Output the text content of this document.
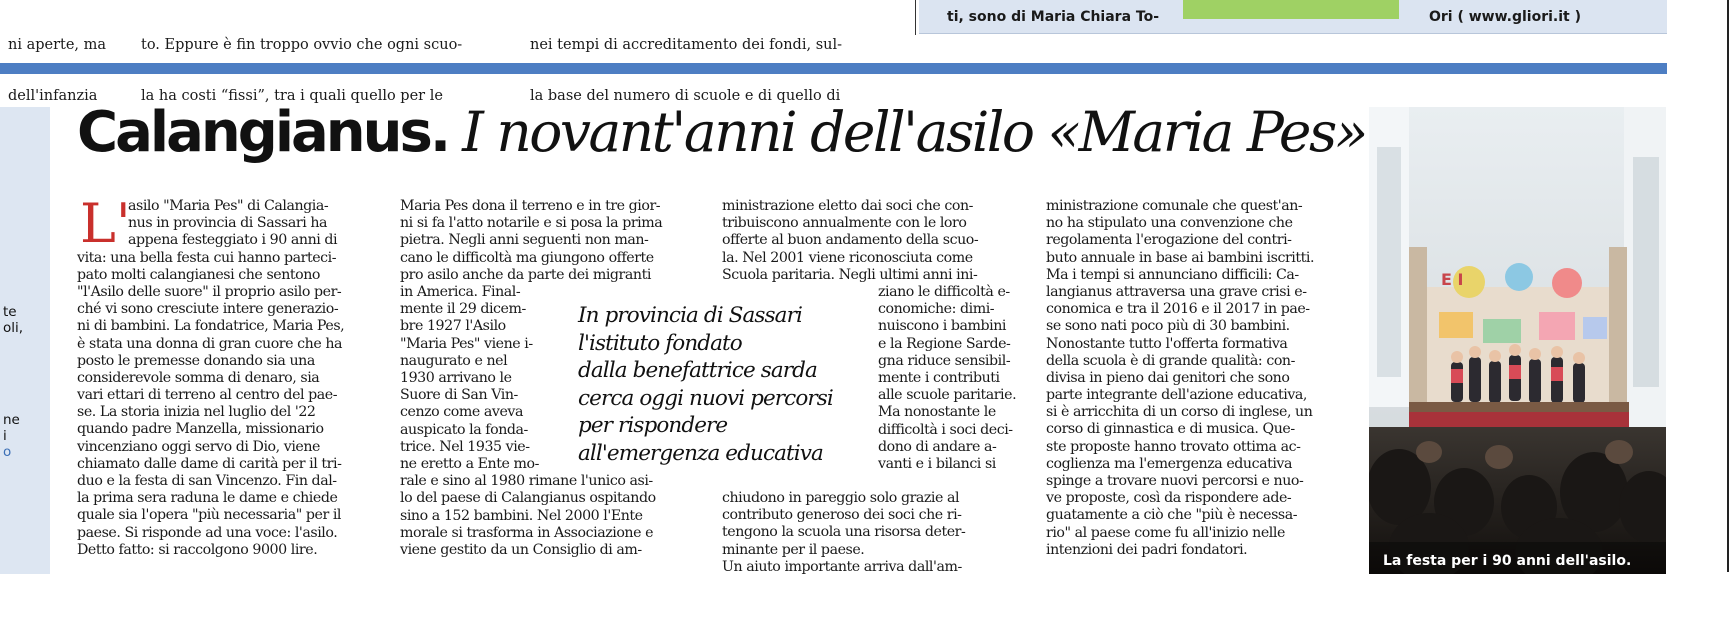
ni aperte, ma

dell'infanzia

to. Eppure è fin troppo ovvio che ogni scuo-

la ha costi “fissi”, tra i quali quello per le

nei tempi di accreditamento dei fondi, sul-

la base del numero di scuole e di quello di

ti, sono di Maria Chiara To-	Ori ( www.gliori.it )
te
oli,
ne
i
o
Calangianus. I novant'anni dell'asilo «Maria Pes»
L'
asilo "Maria Pes" di Calangia-
nus in provincia di Sassari ha
appena festeggiato i 90 anni di
vita: una bella festa cui hanno parteci-
pato molti calangianesi che sentono
"l'Asilo delle suore" il proprio asilo per-
ché vi sono cresciute intere generazio-
ni di bambini. La fondatrice, Maria Pes,
è stata una donna di gran cuore che ha
posto le premesse donando sia una
considerevole somma di denaro, sia
vari ettari di terreno al centro del pae-
se. La storia inizia nel luglio del '22
quando padre Manzella, missionario
vincenziano oggi servo di Dio, viene
chiamato dalle dame di carità per il tri-
duo e la festa di san Vincenzo. Fin dal-
la prima sera raduna le dame e chiede
quale sia l'opera "più necessaria" per il
paese. Si risponde ad una voce: l'asilo.
Detto fatto: si raccolgono 9000 lire.
Maria Pes dona il terreno e in tre gior-
ni si fa l'atto notarile e si posa la prima
pietra. Negli anni seguenti non man-
cano le difficoltà ma giungono offerte
pro asilo anche da parte dei migranti
in America. Final-
mente il 29 dicem-
bre 1927 l'Asilo
"Maria Pes" viene i-
naugurato e nel
1930 arrivano le
Suore di San Vin-
cenzo come aveva
auspicato la fonda-
trice. Nel 1935 vie-
ne eretto a Ente mo-
rale e sino al 1980 rimane l'unico asi-
lo del paese di Calangianus ospitando
sino a 152 bambini. Nel 2000 l'Ente
morale si trasforma in Associazione e
viene gestito da un Consiglio di am-
ministrazione eletto dai soci che con-
tribuiscono annualmente con le loro
offerte al buon andamento della scuo-
la. Nel 2001 viene riconosciuta come
Scuola paritaria. Negli ultimi anni ini-
ziano le difficoltà e-
conomiche: dimi-
nuiscono i bambini
e la Regione Sarde-
gna riduce sensibil-
mente i contributi
alle scuole paritarie.
Ma nonostante le
difficoltà i soci deci-
dono di andare a-
vanti e i bilanci si
chiudono in pareggio solo grazie al
contributo generoso dei soci che ri-
tengono la scuola una risorsa deter-
minante per il paese.
Un aiuto importante arriva dall'am-
In provincia di Sassari
l'istituto fondato
dalla benefattrice sarda
cerca oggi nuovi percorsi
per rispondere
all'emergenza educativa
ministrazione comunale che quest'an-
no ha stipulato una convenzione che
regolamenta l'erogazione del contri-
buto annuale in base ai bambini iscritti.
Ma i tempi si annunciano difficili: Ca-
langianus attraversa una grave crisi e-
conomica e tra il 2016 e il 2017 in pae-
se sono nati poco più di 30 bambini.
Nonostante tutto l'offerta formativa
della scuola è di grande qualità: con-
divisa in pieno dai genitori che sono
parte integrante dell'azione educativa,
si è arricchita di un corso di inglese, un
corso di ginnastica e di musica. Que-
ste proposte hanno trovato ottima ac-
coglienza ma l'emergenza educativa
spinge a trovare nuovi percorsi e nuo-
ve proposte, così da rispondere ade-
guatamente a ciò che "più è necessa-
rio" al paese come fu all'inizio nelle
intenzioni dei padri fondatori.
E I
La festa per i 90 anni dell'asilo.
